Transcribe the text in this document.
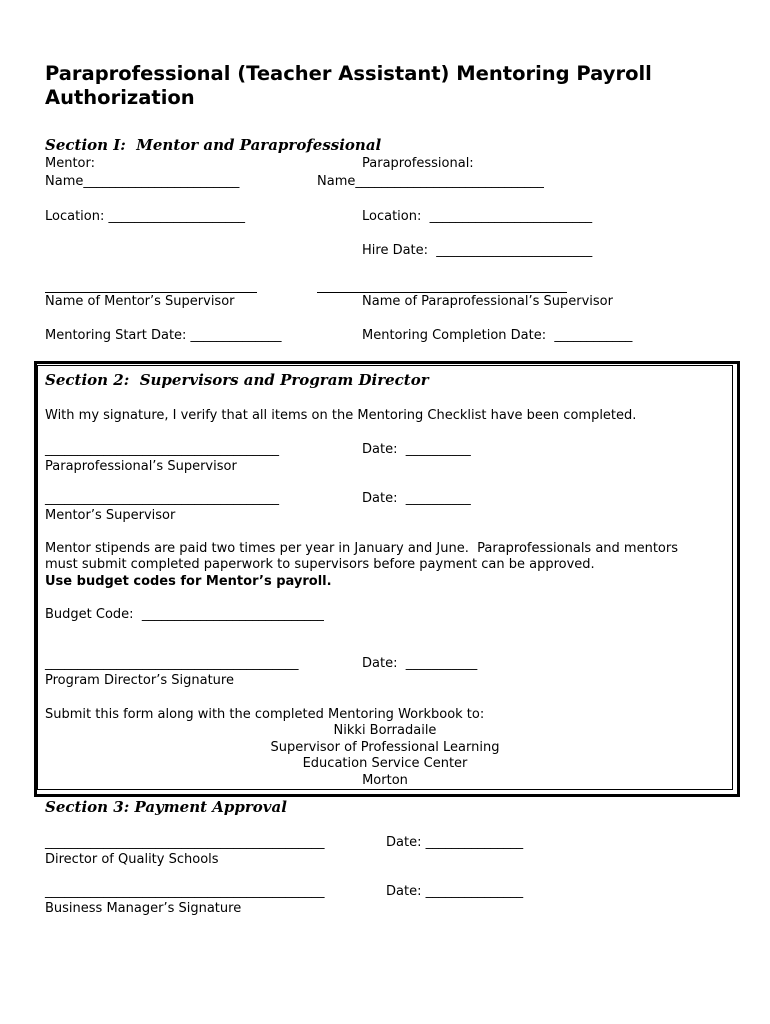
Paraprofessional (Teacher Assistant) Mentoring Payroll Authorization
Section I:  Mentor and Paraprofessional
Mentor:
Name________________________
Paraprofessional:
Name_____________________________
Location: _____________________	Location:  _________________________
Hire Date:  ________________________
Name of Mentor’s Supervisor	Name of Paraprofessional’s Supervisor
Mentoring Start Date: ______________	Mentoring Completion Date:  ____________
Section 2:  Supervisors and Program Director
With my signature, I verify that all items on the Mentoring Checklist have been completed.
____________________________________	Date:  __________
Paraprofessional’s Supervisor
____________________________________	Date:  __________
Mentor’s Supervisor
Mentor stipends are paid two times per year in January and June.  Paraprofessionals and mentors
must submit completed paperwork to supervisors before payment can be approved.
Use budget codes for Mentor’s payroll.
Budget Code:  ____________________________
_______________________________________	Date:  ___________
Program Director’s Signature
Submit this form along with the completed Mentoring Workbook to:
Nikki Borradaile
Supervisor of Professional Learning
Education Service Center
Morton
Section 3: Payment Approval
___________________________________________	Date: _______________
Director of Quality Schools
___________________________________________	Date: _______________
Business Manager’s Signature
